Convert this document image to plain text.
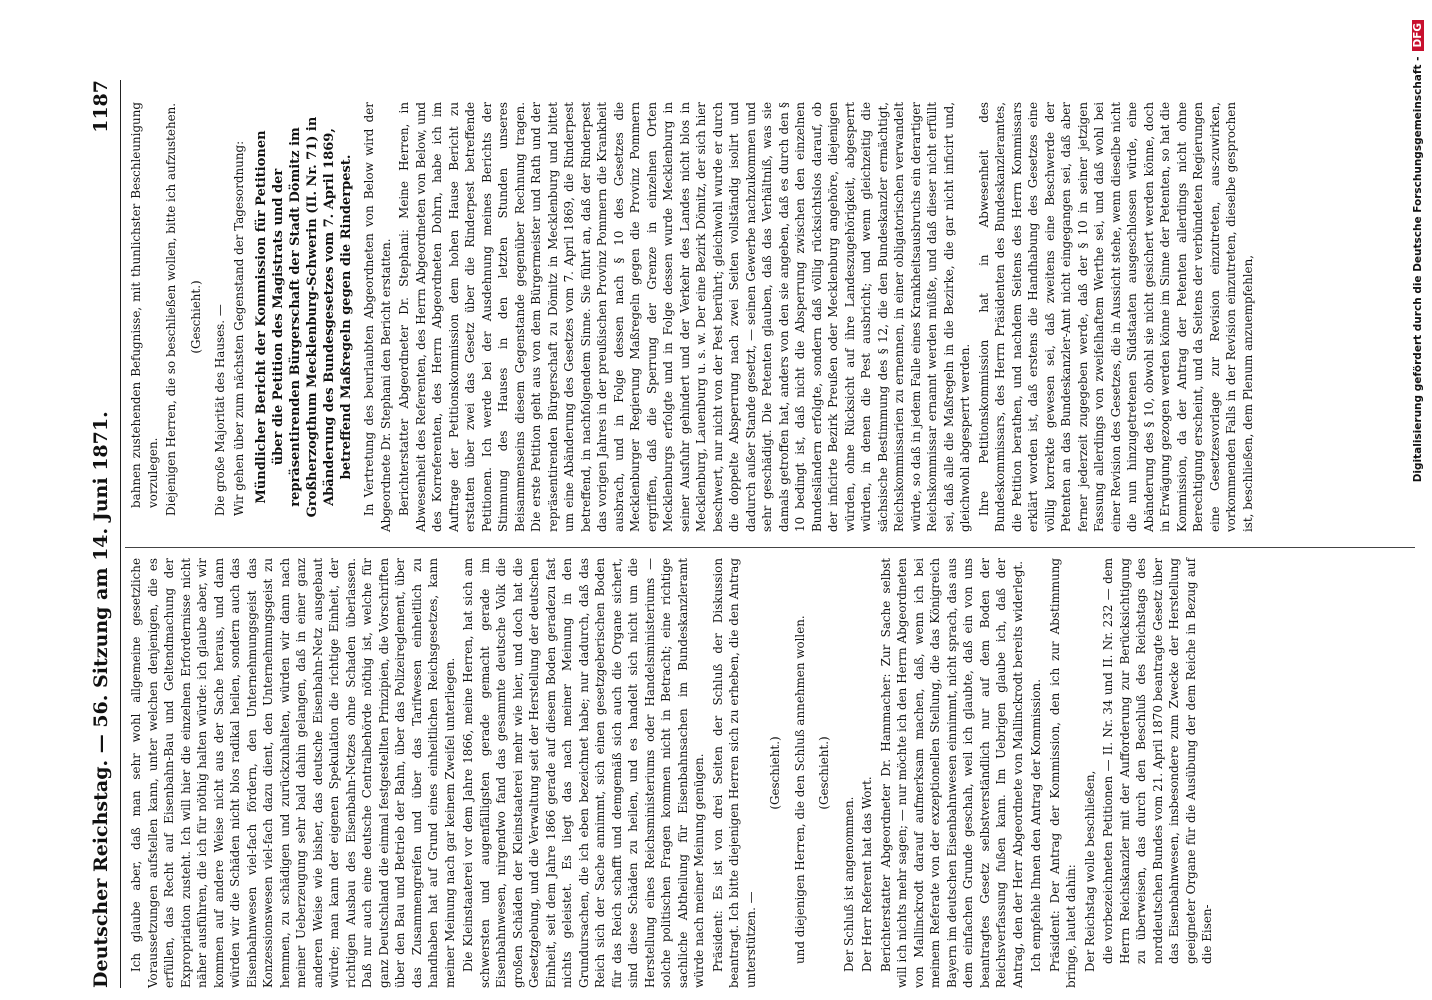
Deutscher Reichstag. — 56. Sitzung am 14. Juni 1871.
1187

Ich glaube aber, daß man sehr wohl allgemeine gesetzliche Voraussetzungen aufstellen kann, unter welchen denjenigen, die es erfüllen, das Recht auf Eisenbahn-Bau und Geltendmachung der Expropriation zusteht. Ich will hier die einzelnen Erfordernisse nicht näher ausführen, die ich für nöthig halten würde: ich glaube aber, wir kommen auf andere Weise nicht aus der Sache heraus, und dann würden wir die Schäden nicht blos radikal heilen, sondern auch das Eisenbahnwesen viel-fach fördern, den Unternehmungsgeist das Konzessionswesen viel-fach dazu dient, den Unternehmungsgeist zu hemmen, zu schädigen und zurückzuhalten, würden wir dann nach meiner Ueberzeugung sehr bald dahin gelangen, daß in einer ganz anderen Weise wie bisher, das deutsche Eisenbahn-Netz ausgebaut würde; man kann der eigenen Spekulation die richtige Einheit, der richtigen Ausbau des Eisenbahn-Netzes ohne Schaden überlassen. Daß nur auch eine deutsche Centralbehörde nöthig ist, welche für ganz Deutschland die einmal festgestellten Prinzipien, die Vorschriften über den Bau und Betrieb der Bahn, über das Polizeireglement, über das Zusammengreifen und über das Tarifwesen einheitlich zu handhaben hat auf Grund eines einheitlichen Reichsgesetzes, kann meiner Meinung nach gar keinem Zweifel unterliegen. Die Kleinstaaterei vor dem Jahre 1866, meine Herren, hat sich am schwersten und augenfälligsten gerade gemacht gerade im Eisenbahnwesen, nirgendwo fand das gesammte deutsche Volk die großen Schäden der Kleinstaaterei mehr wie hier, und doch hat die Gesetzgebung, und die Verwaltung seit der Herstellung der deutschen Einheit, seit dem Jahre 1866 gerade auf diesem Boden geradezu fast nichts geleistet. Es liegt das nach meiner Meinung in den Grundursachen, die ich eben bezeichnet habe; nur dadurch, daß das Reich sich der Sache annimmt, sich einen gesetzgeberischen Boden für das Reich schafft und demgemäß sich auch die Organe sichert, sind diese Schäden zu heilen, und es handelt sich nicht um die Herstellung eines Reichsministeriums oder Handelsministeriums — solche politischen Fragen kommen nicht in Betracht; eine richtige sachliche Abtheilung für Eisenbahnsachen im Bundeskanzleramt würde nach meiner Meinung genügen. Präsident: Es ist von drei Seiten der Schluß der Diskussion beantragt. Ich bitte diejenigen Herren sich zu erheben, die den Antrag unterstützen. —

(Geschieht.) und diejenigen Herren, die den Schluß annehmen wollen. (Geschieht.)

Der Schluß ist angenommen. Der Herr Referent hat das Wort. Berichterstatter Abgeordneter Dr. Hammacher: Zur Sache selbst will ich nichts mehr sagen; — nur möchte ich den Herrn Abgeordneten von Mallinckrodt darauf aufmerksam machen, daß, wenn ich bei meinem Referate von der exzeptionellen Stellung, die das Königreich Bayern im deutschen Eisenbahnwesen einnimmt, nicht sprach, das aus dem einfachen Grunde geschah, weil ich glaubte, daß ein von uns beantragtes Gesetz selbstverständlich nur auf dem Boden der Reichsverfassung fußen kann. Im Uebrigen glaube ich, daß der Antrag, den der Herr Abgeordnete von Mallinckrodt bereits widerlegt. Ich empfehle Ihnen den Antrag der Kommission. Präsident: Der Antrag der Kommission, den ich zur Abstimmung bringe, lautet dahin: Der Reichstag wolle beschließen, die vorbezeichneten Petitionen — II. Nr. 34 und II. Nr. 232 — dem Herrn Reichskanzler mit der Aufforderung zur Berücksichtigung zu überweisen, das durch den Beschluß des Reichstags des norddeutschen Bundes vom 21. April 1870 beantragte Gesetz über das Eisenbahnwesen, insbesondere zum Zwecke der Herstellung geeigneter Organe für die Ausübung der dem Reiche in Bezug auf die Eisen-

bahnen zustehenden Befugnisse, mit thunlichster Beschleunigung vorzulegen. Diejenigen Herren, die so beschließen wollen, bitte ich aufzustehen. (Geschieht.) Die große Majorität des Hauses. — Wir gehen über zum nächsten Gegenstand der Tagesordnung: Mündlicher Bericht der Kommission für Petitionen über die Petition des Magistrats und der repräsentirenden Bürgerschaft der Stadt Dömitz im Großherzogthum Mecklenburg-Schwerin (II. Nr. 71) in Abänderung des Bundesgesetzes vom 7. April 1869, betreffend Maßregeln gegen die Rinderpest. In Vertretung des beurlaubten Abgeordneten von Below wird der Abgeordnete Dr. Stephani den Bericht erstatten. Berichterstatter Abgeordneter Dr. Stephani: Meine Herren, in Abwesenheit des Referenten, des Herrn Abgeordneten von Below, und des Korreferenten, des Herrn Abgeordneten Dohrn, habe ich im Auftrage der Petitionskommission dem hohen Hause Bericht zu erstatten über zwei das Gesetz über die Rinderpest betreffende Petitionen. Ich werde bei der Ausdehnung meines Berichts der Stimmung des Hauses in den letzten Stunden unseres Beisammenseins diesem Gegenstande gegenüber Rechnung tragen. Die erste Petition geht aus von dem Bürgermeister und Rath und der repräsentirenden Bürgerschaft zu Dömitz in Mecklenburg und bittet um eine Abänderung des Gesetzes vom 7. April 1869, die Rinderpest betreffend, in nachfolgendem Sinne. Sie führt an, daß der Rinderpest das vorigen Jahres in der preußischen Provinz Pommern die Krankheit ausbrach, und in Folge dessen nach § 10 des Gesetzes die Mecklenburger Regierung Maßregeln gegen die Provinz Pommern ergriffen, daß die Sperrung der Grenze in einzelnen Orten Mecklenburgs erfolgte und in Folge dessen wurde Mecklenburg in seiner Ausfuhr gehindert und der Verkehr des Landes nicht blos in Mecklenburg, Lauenburg u. s. w. Der eine Bezirk Dömitz, der sich hier beschwert, nur nicht von der Pest berührt; gleichwohl wurde er durch die doppelte Absperrung nach zwei Seiten vollständig isolirt und dadurch außer Stande gesetzt, — seinen Gewerbe nachzukommen und sehr geschädigt. Die Petenten glauben, daß das Verhältniß, was sie damals getroffen hat, anders von den sie angeben, daß es durch den § 10 bedingt ist, daß nicht die Absperrung zwischen den einzelnen Bundesländern erfolgte, sondern daß völlig rücksichtslos darauf, ob der inficirte Bezirk Preußen oder Mecklenburg angehöre, diejenigen würden, ohne Rücksicht auf ihre Landeszugehörigkeit, abgesperrt würden, in denen die Pest ausbricht; und wenn gleichzeitig die sächsische Bestimmung des § 12, die den Bundeskanzler ermächtigt, Reichskommissarien zu ernennen, in einer obligatorischen verwandelt würde, so daß in jedem Falle eines Krankheitsausbruchs ein derartiger Reichskommissar ernannt werden müßte, und daß dieser nicht erfüllt sei, daß alle die Maßregeln in die Bezirke, die gar nicht inficirt und, gleichwohl abgesperrt werden. Ihre Petitionskommission hat in Abwesenheit des Bundeskommissars, des Herrn Präsidenten des Bundeskanzleramtes, die Petition berathen, und nachdem Seitens des Herrn Kommissars erklärt worden ist, daß erstens die Handhabung des Gesetzes eine völlig korrekte gewesen sei, daß zweitens eine Beschwerde der Petenten an das Bundeskanzler-Amt nicht eingegangen sei, daß aber ferner jederzeit zugegeben werde, daß der § 10 in seiner jetzigen Fassung allerdings von zweifelhaftem Werthe sei, und daß wohl bei einer Revision des Gesetzes, die in Aussicht stehe, wenn dieselbe nicht die nun hinzugetretenen Südstaaten ausgeschlossen würde, eine Abänderung des § 10, obwohl sie nicht gesichert werden könne, doch in Erwägung gezogen werden könne im Sinne der Petenten, so hat die Kommission, da der Antrag der Petenten allerdings nicht ohne Berechtigung erscheint, und da Seitens der verbündeten Regierungen eine Gesetzesvorlage zur Revision einzutreten, aus-zuwirken, vorkommenden Falls in der Revision einzutreten, dieselbe gesprochen ist, beschließen, dem Plenum anzuempfehlen,	Digitalisierung gefördert durch die Deutsche Forschungsgemeinschaft -DFG
